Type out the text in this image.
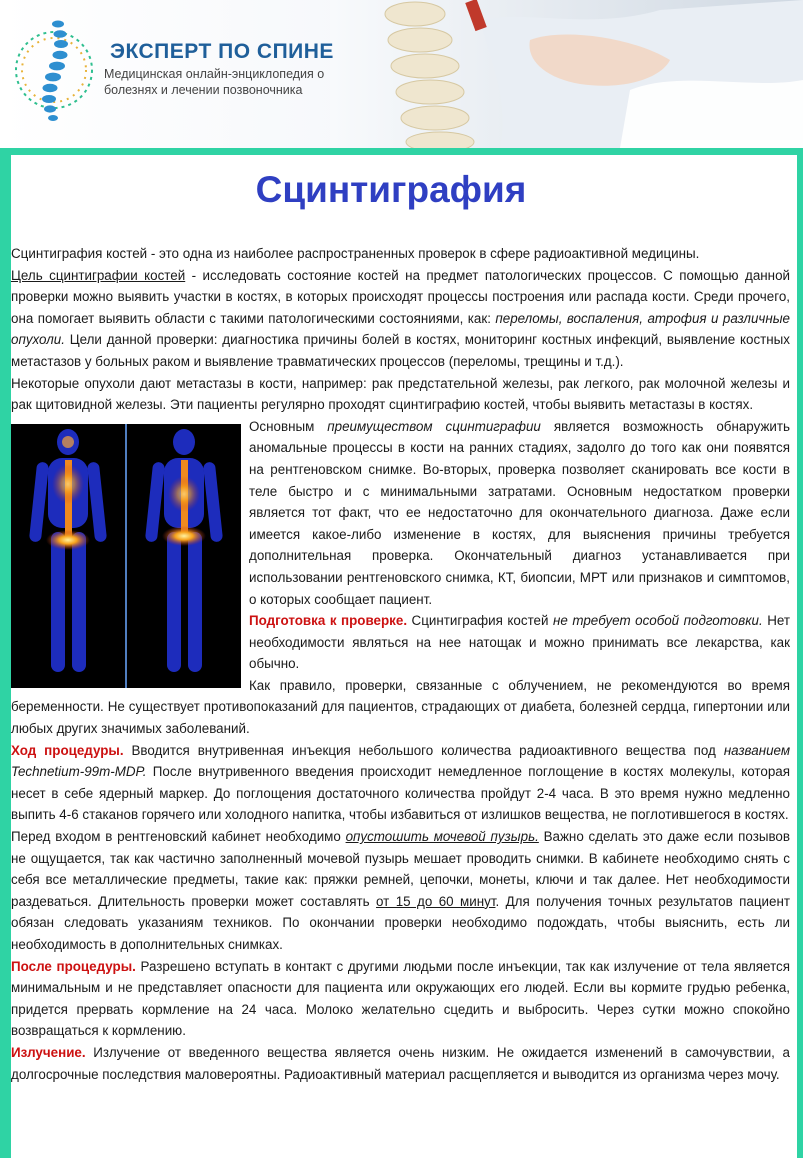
ЭКСПЕРТ ПО СПИНЕ
Медицинская онлайн-энциклопедия о болезнях и лечении позвоночника
Сцинтиграфия

Сцинтиграфия костей - это одна из наиболее распространенных проверок в сфере радиоактивной медицины.

Цель сцинтиграфии костей - исследовать состояние костей на предмет патологических процессов. С помощью данной проверки можно выявить участки в костях, в которых происходят процессы построения или распада кости. Среди прочего, она помогает выявить области с такими патологическими состояниями, как: переломы, воспаления, атрофия и различные опухоли. Цели данной проверки: диагностика причины болей в костях, мониторинг костных инфекций, выявление костных метастазов у больных раком и выявление травматических процессов (переломы, трещины и т.д.).

Некоторые опухоли дают метастазы в кости, например: рак предстательной железы, рак легкого, рак молочной железы и рак щитовидной железы. Эти пациенты регулярно проходят сцинтиграфию костей, чтобы выявить метастазы в костях.

Основным преимуществом сцинтиграфии является возможность обнаружить аномальные процессы в кости на ранних стадиях, задолго до того как они появятся на рентгеновском снимке. Во-вторых, проверка позволяет сканировать все кости в теле быстро и с минимальными затратами. Основным недостатком проверки является тот факт, что ее недостаточно для окончательного диагноза. Даже если имеется какое-либо изменение в костях, для выяснения причины требуется дополнительная проверка. Окончательный диагноз устанавливается при использовании рентгеновского снимка, КТ, биопсии, МРТ или признаков и симптомов, о которых сообщает пациент.

Подготовка к проверке. Сцинтиграфия костей не требует особой подготовки. Нет необходимости являться на нее натощак и можно принимать все лекарства, как обычно.

Как правило, проверки, связанные с облучением, не рекомендуются во время беременности. Не существует противопоказаний для пациентов, страдающих от диабета, болезней сердца, гипертонии или любых других значимых заболеваний.

Ход процедуры. Вводится внутривенная инъекция небольшого количества радиоактивного вещества под названием Technetium-99m-MDP. После внутривенного введения происходит немедленное поглощение в костях молекулы, которая несет в себе ядерный маркер. До поглощения достаточного количества пройдут 2-4 часа. В это время нужно медленно выпить 4-6 стаканов горячего или холодного напитка, чтобы избавиться от излишков вещества, не поглотившегося в костях.

Перед входом в рентгеновский кабинет необходимо опустошить мочевой пузырь. Важно сделать это даже если позывов не ощущается, так как частично заполненный мочевой пузырь мешает проводить снимки. В кабинете необходимо снять с себя все металлические предметы, такие как: пряжки ремней, цепочки, монеты, ключи и так далее. Нет необходимости раздеваться. Длительность проверки может составлять от 15 до 60 минут. Для получения точных результатов пациент обязан следовать указаниям техников. По окончании проверки необходимо подождать, чтобы выяснить, есть ли необходимость в дополнительных снимках.

После процедуры. Разрешено вступать в контакт с другими людьми после инъекции, так как излучение от тела является минимальным и не представляет опасности для пациента или окружающих его людей. Если вы кормите грудью ребенка, придется прервать кормление на 24 часа. Молоко желательно сцедить и выбросить. Через сутки можно спокойно возвращаться к кормлению.

Излучение. Излучение от введенного вещества является очень низким. Не ожидается изменений в самочувствии, а долгосрочные последствия маловероятны. Радиоактивный материал расщепляется и выводится из организма через мочу.
